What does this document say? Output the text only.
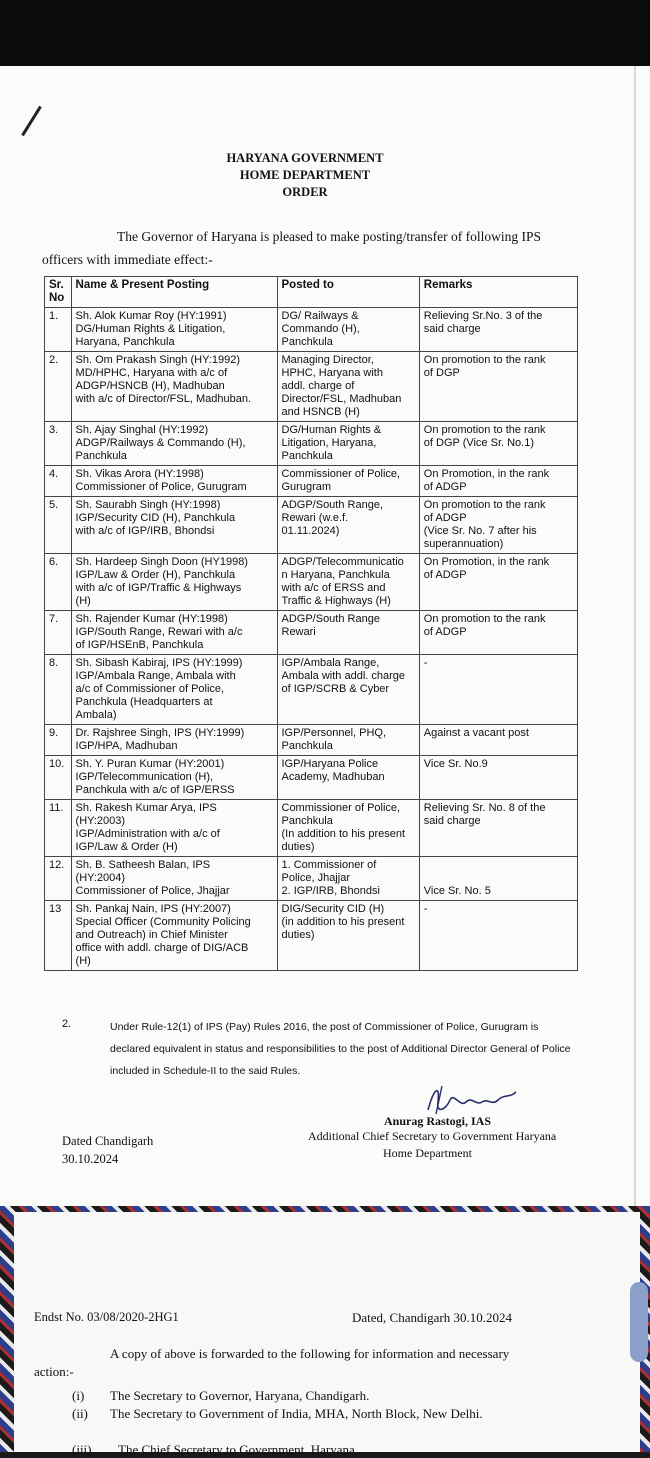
HARYANA GOVERNMENT
HOME DEPARTMENT
ORDER
The Governor of Haryana is pleased to make posting/transfer of following IPS
officers with immediate effect:-
Sr.
No	Name & Present Posting	Posted to	Remarks
1.	Sh. Alok Kumar Roy (HY:1991)
DG/Human Rights & Litigation,
Haryana, Panchkula	DG/ Railways &
Commando (H),
Panchkula	Relieving Sr.No. 3 of the
said charge
2.	Sh. Om Prakash Singh (HY:1992)
MD/HPHC, Haryana with a/c of
ADGP/HSNCB (H), Madhuban
with a/c of Director/FSL, Madhuban.	Managing Director,
HPHC, Haryana with
addl. charge of
Director/FSL, Madhuban
and HSNCB (H)	On promotion to the rank
of DGP
3.	Sh. Ajay Singhal (HY:1992)
ADGP/Railways & Commando (H),
Panchkula	DG/Human Rights &
Litigation, Haryana,
Panchkula	On promotion to the rank
of DGP (Vice Sr. No.1)
4.	Sh. Vikas Arora (HY:1998)
Commissioner of Police, Gurugram	Commissioner of Police,
Gurugram	On Promotion, in the rank
of ADGP
5.	Sh. Saurabh Singh (HY:1998)
IGP/Security CID (H), Panchkula
with a/c of IGP/IRB, Bhondsi	ADGP/South Range,
Rewari (w.e.f.
01.11.2024)	On promotion to the rank
of ADGP
(Vice Sr. No. 7 after his
superannuation)
6.	Sh. Hardeep Singh Doon (HY1998)
IGP/Law & Order (H), Panchkula
with a/c of IGP/Traffic & Highways
(H)	ADGP/Telecommunicatio
n Haryana, Panchkula
with a/c of ERSS and
Traffic & Highways (H)	On Promotion, in the rank
of ADGP
7.	Sh. Rajender Kumar (HY:1998)
IGP/South Range, Rewari with a/c
of IGP/HSEnB, Panchkula	ADGP/South Range
Rewari	On promotion to the rank
of ADGP
8.	Sh. Sibash Kabiraj, IPS (HY:1999)
IGP/Ambala Range, Ambala with
a/c of Commissioner of Police,
Panchkula (Headquarters at
Ambala)	IGP/Ambala Range,
Ambala with addl. charge
of IGP/SCRB & Cyber	-
9.	Dr. Rajshree Singh, IPS (HY:1999)
IGP/HPA, Madhuban	IGP/Personnel, PHQ,
Panchkula	Against a vacant post
10.	Sh. Y. Puran Kumar (HY:2001)
IGP/Telecommunication (H),
Panchkula with a/c of IGP/ERSS	IGP/Haryana Police
Academy, Madhuban	Vice Sr. No.9
11.	Sh. Rakesh Kumar Arya, IPS
(HY:2003)
IGP/Administration with a/c of
IGP/Law & Order (H)	Commissioner of Police,
Panchkula
(In addition to his present
duties)	Relieving Sr. No. 8 of the
said charge
12.	Sh. B. Satheesh Balan, IPS
(HY:2004)
Commissioner of Police, Jhajjar	1. Commissioner of
Police, Jhajjar
2. IGP/IRB, Bhondsi	

Vice Sr. No. 5
13	Sh. Pankaj Nain, IPS (HY:2007)
Special Officer (Community Policing
and Outreach) in Chief Minister
office with addl. charge of DIG/ACB
(H)	DIG/Security CID (H)
(in addition to his present
duties)	-
2.	Under Rule-12(1) of IPS (Pay) Rules 2016, the post of Commissioner of Police, Gurugram is declared equivalent in status and responsibilities to the post of Additional Director General of Police included in Schedule-II to the said Rules.
Anurag Rastogi, IAS
Additional Chief Secretary to Government Haryana
Home Department
Dated Chandigarh
30.10.2024
Endst No. 03/08/2020-2HG1	Dated, Chandigarh 30.10.2024
A copy of above is forwarded to the following for information and necessary
action:-
(i) The Secretary to Governor, Haryana, Chandigarh.
(ii) The Secretary to Government of India, MHA, North Block, New Delhi.
(iii) The Chief Secretary to Government, Haryana
